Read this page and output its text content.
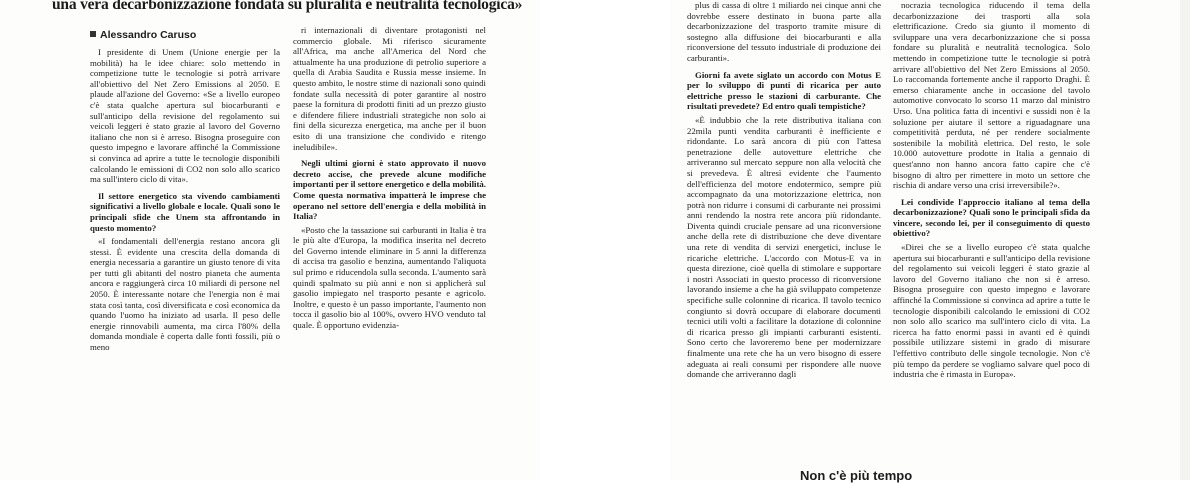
una vera decarbonizzazione fondata su pluralità e neutralità tecnologica»
Alessandro Caruso

I presidente di Unem (Unione energie per la mobilità) ha le idee chiare: solo mettendo in competizione tutte le tecnologie si potrà arrivare all'obiettivo del Net Zero Emissions al 2050. E plaude all'azione del Governo: «Se a livello europeo c'è stata qualche apertura sul biocarburanti e sull'anticipo della revisione del regolamento sui veicoli leggeri è stato grazie al lavoro del Governo italiano che non si è arreso. Bisogna proseguire con questo impegno e lavorare affinché la Commissione si convinca ad aprire a tutte le tecnologie disponibili calcolando le emissioni di CO2 non solo allo scarico ma sull'intero ciclo di vita».

Il settore energetico sta vivendo cambiamenti significativi a livello globale e locale. Quali sono le principali sfide che Unem sta affrontando in questo momento?

«I fondamentali dell'energia restano ancora gli stessi. È evidente una crescita della domanda di energia necessaria a garantire un giusto tenore di vita per tutti gli abitanti del nostro pianeta che aumenta ancora e raggiungerà circa 10 miliardi di persone nel 2050. È interessante notare che l'energia non è mai stata così tanta, così diversificata e così economica da quando l'uomo ha iniziato ad usarla. Il peso delle energie rinnovabili aumenta, ma circa l'80% della domanda mondiale è coperta dalle fonti fossili, più o meno

ri internazionali di diventare protagonisti nel commercio globale. Mi riferisco sicuramente all'Africa, ma anche all'America del Nord che attualmente ha una produzione di petrolio superiore a quella di Arabia Saudita e Russia messe insieme. In questo ambito, le nostre stime di nazionali sono quindi fondate sulla necessità di poter garantire al nostro paese la fornitura di prodotti finiti ad un prezzo giusto e difendere filiere industriali strategiche non solo ai fini della sicurezza energetica, ma anche per il buon esito di una transizione che condivido e ritengo ineludibile».

Negli ultimi giorni è stato approvato il nuovo decreto accise, che prevede alcune modifiche importanti per il settore energetico e della mobilità. Come questa normativa impatterà le imprese che operano nel settore dell'energia e della mobilità in Italia?

«Posto che la tassazione sui carburanti in Italia è tra le più alte d'Europa, la modifica inserita nel decreto del Governo intende eliminare in 5 anni la differenza di accisa tra gasolio e benzina, aumentando l'aliquota sul primo e riducendola sulla seconda. L'aumento sarà quindi spalmato su più anni e non si applicherà sul gasolio impiegato nel trasporto pesante e agricolo. Inoltre, e questo è un passo importante, l'aumento non tocca il gasolio bio al 100%, ovvero HVO venduto tal quale. È opportuno evidenzia-

plus di cassa di oltre 1 miliardo nei cinque anni che dovrebbe essere destinato in buona parte alla decarbonizzazione del trasporto tramite misure di sostegno alla diffusione dei biocarburanti e alla riconversione del tessuto industriale di produzione dei carburanti».

Giorni fa avete siglato un accordo con Motus E per lo sviluppo di punti di ricarica per auto elettriche presso le stazioni di carburante. Che risultati prevedete? Ed entro quali tempistiche?

«È indubbio che la rete distributiva italiana con 22mila punti vendita carburanti è inefficiente e ridondante. Lo sarà ancora di più con l'attesa penetrazione delle autovetture elettriche che arriveranno sul mercato seppure non alla velocità che si prevedeva. È altresì evidente che l'aumento dell'efficienza del motore endotermico, sempre più accompagnato da una motorizzazione elettrica, non potrà non ridurre i consumi di carburante nei prossimi anni rendendo la nostra rete ancora più ridondante. Diventa quindi cruciale pensare ad una riconversione anche della rete di distribuzione che deve diventare una rete di vendita di servizi energetici, incluse le ricariche elettriche. L'accordo con Motus-E va in questa direzione, cioè quella di stimolare e supportare i nostri Associati in questo processo di riconversione lavorando insieme a che ha già sviluppato competenze specifiche sulle colonnine di ricarica. Il tavolo tecnico congiunto si dovrà occupare di elaborare documenti tecnici utili volti a facilitare la dotazione di colonnine di ricarica presso gli impianti carburanti esistenti. Sono certo che lavoreremo bene per modernizzare finalmente una rete che ha un vero bisogno di essere adeguata ai reali consumi per rispondere alle nuove domande che arriveranno dagli

nocrazia tecnologica riducendo il tema della decarbonizzazione dei trasporti alla sola elettrificazione. Credo sia giunto il momento di sviluppare una vera decarbonizzazione che si possa fondare su pluralità e neutralità tecnologica. Solo mettendo in competizione tutte le tecnologie si potrà arrivare all'obiettivo del Net Zero Emissions al 2050. Lo raccomanda fortemente anche il rapporto Draghi. È emerso chiaramente anche in occasione del tavolo automotive convocato lo scorso 11 marzo dal ministro Urso. Una politica fatta di incentivi e sussidi non è la soluzione per aiutare il settore a riguadagnare una competitività perduta, né per rendere socialmente sostenibile la mobilità elettrica. Del resto, le sole 10.000 autovetture prodotte in Italia a gennaio di quest'anno non hanno ancora fatto capire che c'è bisogno di altro per rimettere in moto un settore che rischia di andare verso una crisi irreversibile?».

Lei condivide l'approccio italiano al tema della decarbonizzazione? Quali sono le principali sfida da vincere, secondo lei, per il conseguimento di questo obiettivo?

«Direi che se a livello europeo c'è stata qualche apertura sui biocarburanti e sull'anticipo della revisione del regolamento sui veicoli leggeri è stato grazie al lavoro del Governo italiano che non si è arreso. Bisogna proseguire con questo impegno e lavorare affinché la Commissione si convinca ad aprire a tutte le tecnologie disponibili calcolando le emissioni di CO2 non solo allo scarico ma sull'intero ciclo di vita. La ricerca ha fatto enormi passi in avanti ed è quindi possibile utilizzare sistemi in grado di misurare l'effettivo contributo delle singole tecnologie. Non c'è più tempo da perdere se vogliamo salvare quel poco di industria che è rimasta in Europa».

Non c'è più tempo
